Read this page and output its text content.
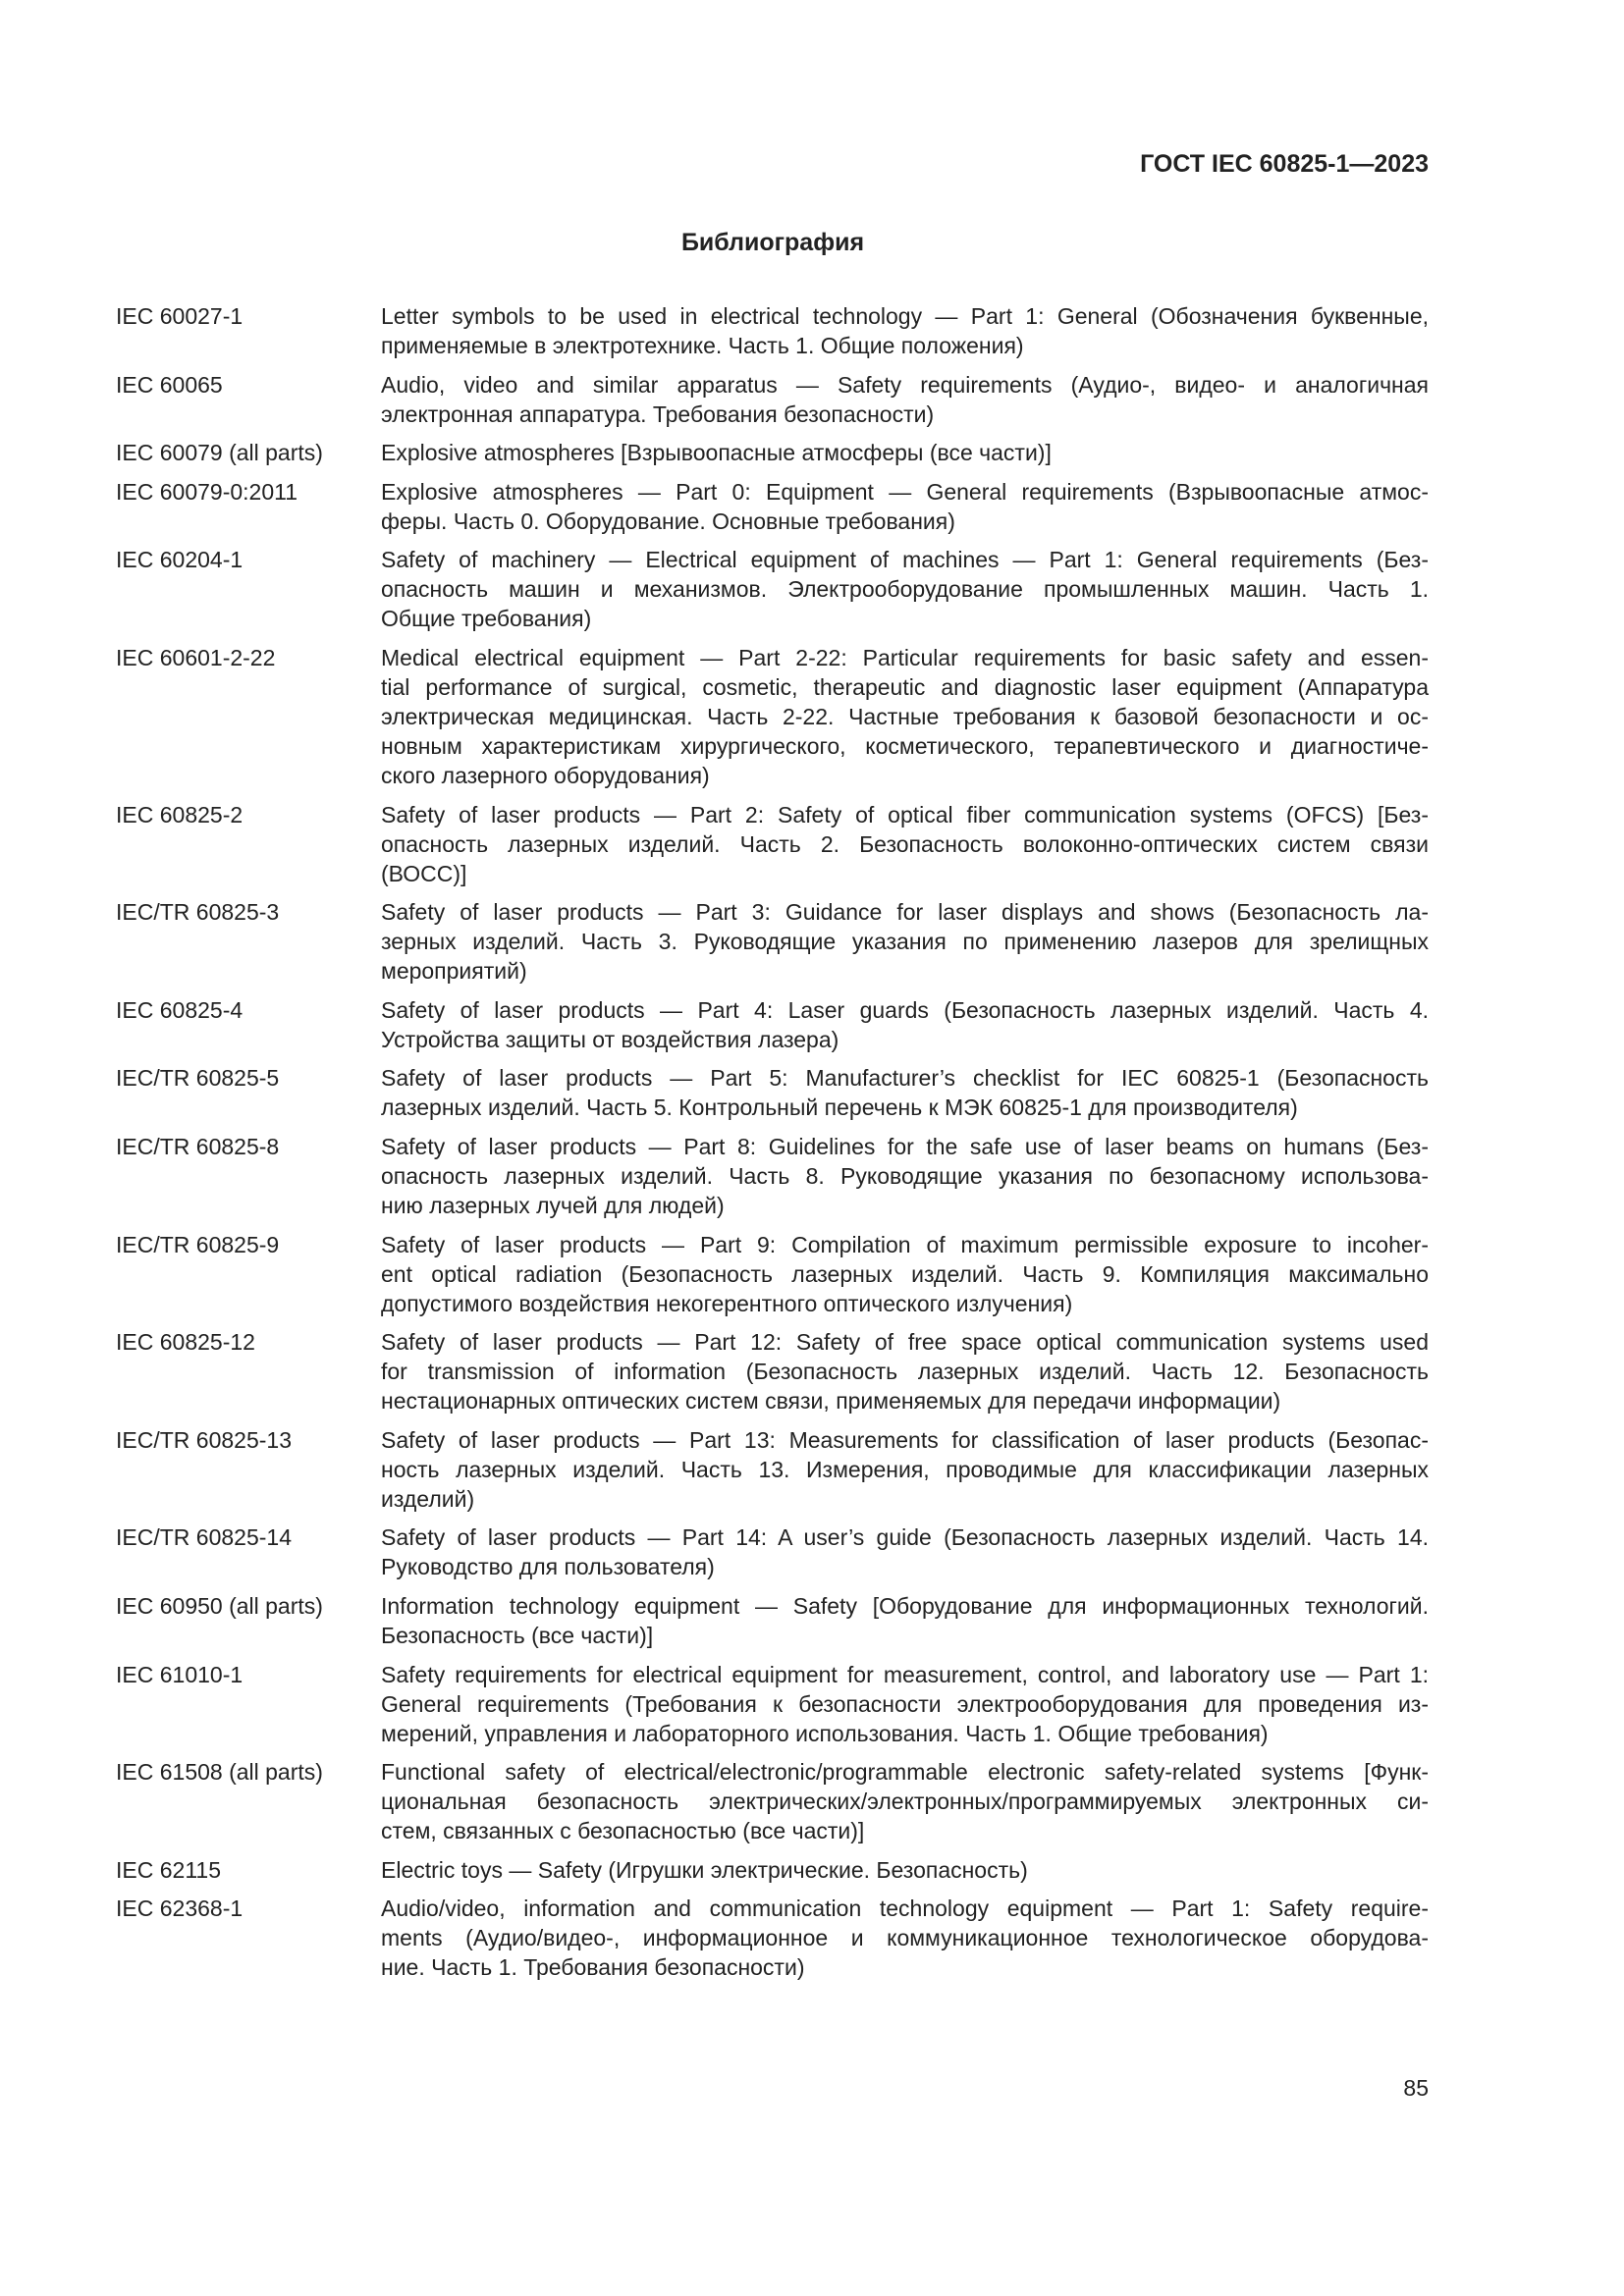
ГОСТ IEC 60825-1—2023
Библиография
IEC 60027-1	Letter symbols to be used in electrical technology — Part 1: General (Обозначения буквенные,
применяемые в электротехнике. Часть 1. Общие положения)
IEC 60065	Audio, video and similar apparatus — Safety requirements (Аудио-, видео- и аналогичная
электронная аппаратура. Требования безопасности)
IEC 60079 (all parts)	Explosive atmospheres [Взрывоопасные атмосферы (все части)]
IEC 60079-0:2011	Explosive atmospheres — Part 0: Equipment — General requirements (Взрывоопасные атмос-
феры. Часть 0. Оборудование. Основные требования)
IEC 60204-1	Safety of machinery — Electrical equipment of machines — Part 1: General requirements (Без-
опасность машин и механизмов. Электрооборудование промышленных машин. Часть 1.
Общие требования)
IEC 60601-2-22	Medical electrical equipment — Part 2-22: Particular requirements for basic safety and essen-
tial performance of surgical, cosmetic, therapeutic and diagnostic laser equipment (Аппаратура
электрическая медицинская. Часть 2-22. Частные требования к базовой безопасности и ос-
новным характеристикам хирургического, косметического, терапевтического и диагностиче-
ского лазерного оборудования)
IEC 60825-2	Safety of laser products — Part 2: Safety of optical fiber communication systems (OFCS) [Без-
опасность лазерных изделий. Часть 2. Безопасность волоконно-оптических систем связи
(ВОСС)]
IEC/TR 60825-3	Safety of laser products — Part 3: Guidance for laser displays and shows (Безопасность ла-
зерных изделий. Часть 3. Руководящие указания по применению лазеров для зрелищных
мероприятий)
IEC 60825-4	Safety of laser products — Part 4: Laser guards (Безопасность лазерных изделий. Часть 4.
Устройства защиты от воздействия лазера)
IEC/TR 60825-5	Safety of laser products — Part 5: Manufacturer’s checklist for IEC 60825-1 (Безопасность
лазерных изделий. Часть 5. Контрольный перечень к МЭК 60825-1 для производителя)
IEC/TR 60825-8	Safety of laser products — Part 8: Guidelines for the safe use of laser beams on humans (Без-
опасность лазерных изделий. Часть 8. Руководящие указания по безопасному использова-
нию лазерных лучей для людей)
IEC/TR 60825-9	Safety of laser products — Part 9: Compilation of maximum permissible exposure to incoher-
ent optical radiation (Безопасность лазерных изделий. Часть 9. Компиляция максимально
допустимого воздействия некогерентного оптического излучения)
IEC 60825-12	Safety of laser products — Part 12: Safety of free space optical communication systems used
for transmission of information (Безопасность лазерных изделий. Часть 12. Безопасность
нестационарных оптических систем связи, применяемых для передачи информации)
IEC/TR 60825-13	Safety of laser products — Part 13: Measurements for classification of laser products (Безопас-
ность лазерных изделий. Часть 13. Измерения, проводимые для классификации лазерных
изделий)
IEC/TR 60825-14	Safety of laser products — Part 14: A user’s guide (Безопасность лазерных изделий. Часть 14.
Руководство для пользователя)
IEC 60950 (all parts)	Information technology equipment — Safety [Оборудование для информационных технологий.
Безопасность (все части)]
IEC 61010-1	Safety requirements for electrical equipment for measurement, control, and laboratory use — Part 1:
General requirements (Требования к безопасности электрооборудования для проведения из-
мерений, управления и лабораторного использования. Часть 1. Общие требования)
IEC 61508 (all parts)	Functional safety of electrical/electronic/programmable electronic safety-related systems [Функ-
циональная безопасность электрических/электронных/программируемых электронных си-
стем, связанных с безопасностью (все части)]
IEC 62115	Electric toys — Safety (Игрушки электрические. Безопасность)
IEC 62368-1	Audio/video, information and communication technology equipment — Part 1: Safety require-
ments (Аудио/видео-, информационное и коммуникационное технологическое оборудова-
ние. Часть 1. Требования безопасности)
85
